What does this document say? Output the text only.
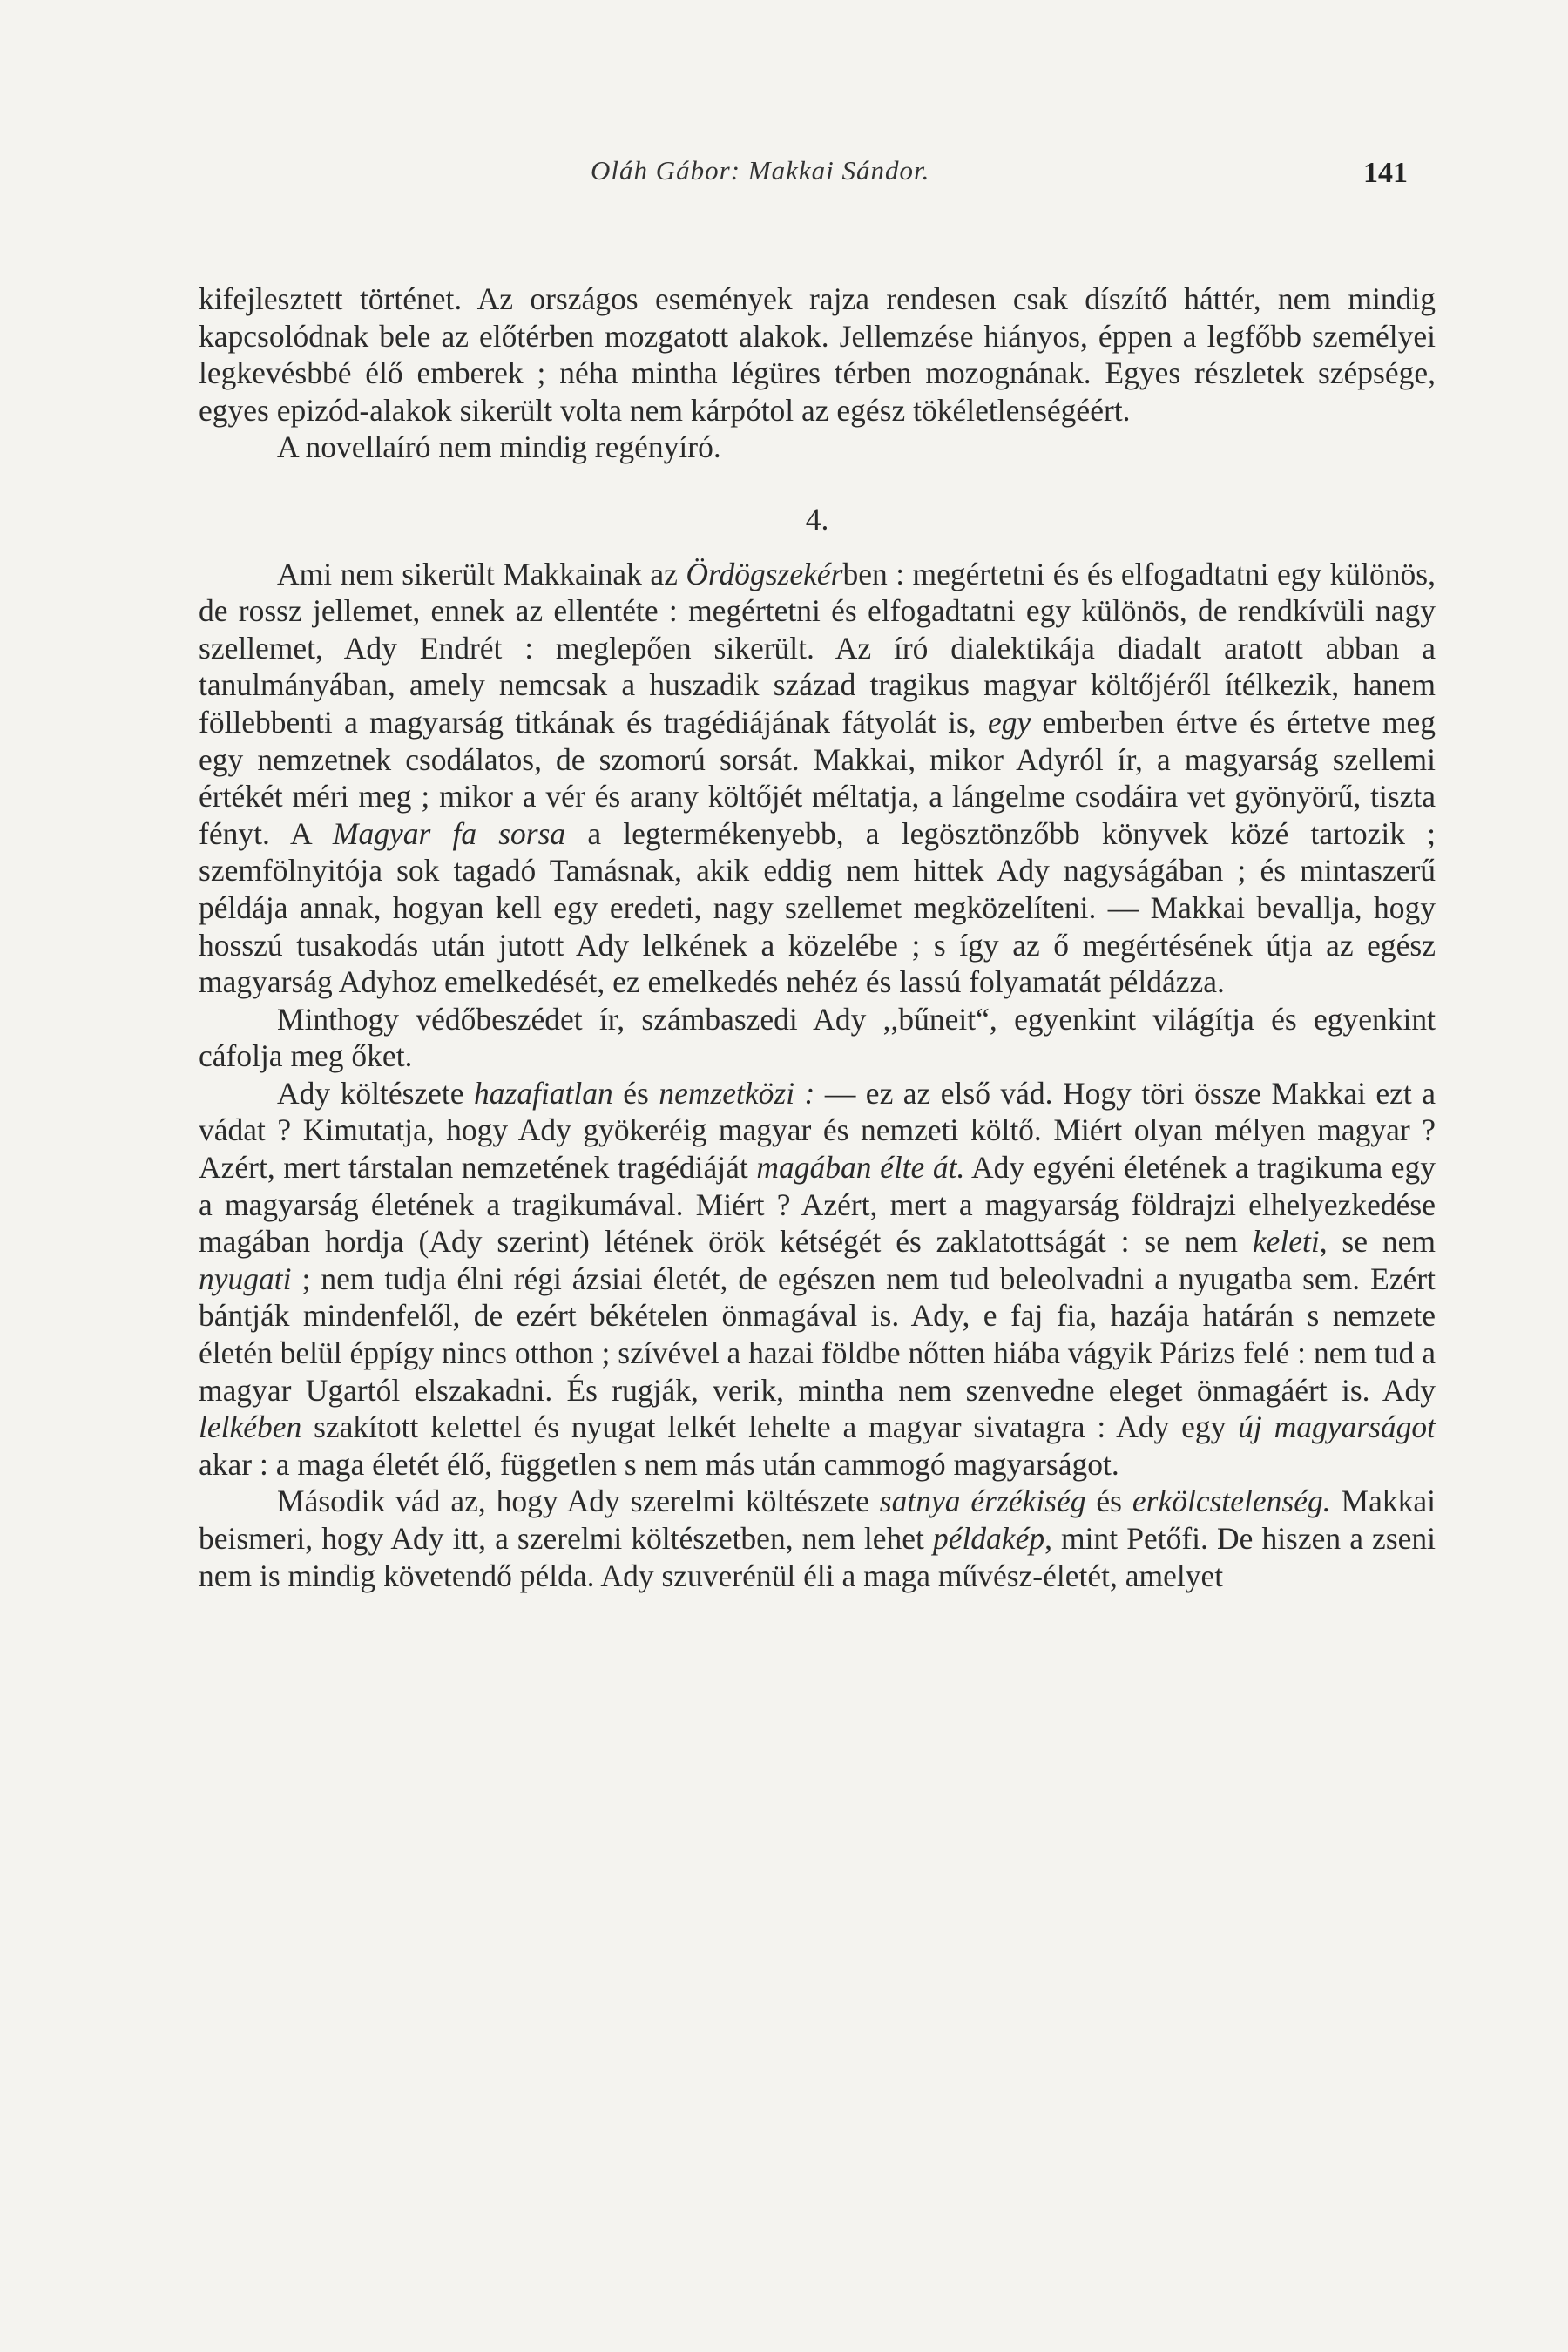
Oláh Gábor: Makkai Sándor.	141

kifejlesztett történet. Az országos események rajza rendesen csak díszítő háttér, nem mindig kapcsolódnak bele az előtérben mozgatott alakok. Jellemzése hiányos, éppen a legfőbb személyei legkevésbbé élő emberek ; néha mintha légüres térben mozognának. Egyes részletek szépsége, egyes epizód-alakok sikerült volta nem kárpótol az egész tökéletlenségéért.

A novellaíró nem mindig regényíró.

4.

Ami nem sikerült Makkainak az Ördögszekérben : megértetni és és elfogadtatni egy különös, de rossz jellemet, ennek az ellentéte : megértetni és elfogadtatni egy különös, de rendkívüli nagy szellemet, Ady Endrét : meglepően sikerült. Az író dialektikája diadalt aratott abban a tanulmányában, amely nemcsak a huszadik század tragikus magyar költőjéről ítélkezik, hanem föllebbenti a magyarság titkának és tragédiájának fátyolát is, egy emberben értve és értetve meg egy nemzetnek csodálatos, de szomorú sorsát. Makkai, mikor Adyról ír, a magyarság szellemi értékét méri meg ; mikor a vér és arany költőjét méltatja, a lángelme csodáira vet gyönyörű, tiszta fényt. A Magyar fa sorsa a legtermékenyebb, a legösztönzőbb könyvek közé tartozik ; szemfölnyitója sok tagadó Tamásnak, akik eddig nem hittek Ady nagyságában ; és mintaszerű példája annak, hogyan kell egy eredeti, nagy szellemet megközelíteni. — Makkai bevallja, hogy hosszú tusakodás után jutott Ady lelkének a közelébe ; s így az ő megértésének útja az egész magyarság Adyhoz emelkedését, ez emelkedés nehéz és lassú folyamatát példázza.

Minthogy védőbeszédet ír, számbaszedi Ady ,,bűneit“, egyenkint világítja és egyenkint cáfolja meg őket.

Ady költészete hazafiatlan és nemzetközi : — ez az első vád. Hogy töri össze Makkai ezt a vádat ? Kimutatja, hogy Ady gyökeréig magyar és nemzeti költő. Miért olyan mélyen magyar ? Azért, mert társtalan nemzetének tragédiáját magában élte át. Ady egyéni életének a tragikuma egy a magyarság életének a tragikumával. Miért ? Azért, mert a magyarság földrajzi elhelyezkedése magában hordja (Ady szerint) létének örök kétségét és zaklatottságát : se nem keleti, se nem nyugati ; nem tudja élni régi ázsiai életét, de egészen nem tud beleolvadni a nyugatba sem. Ezért bántják mindenfelől, de ezért békételen önmagával is. Ady, e faj fia, hazája határán s nemzete életén belül éppígy nincs otthon ; szívével a hazai földbe nőtten hiába vágyik Párizs felé : nem tud a magyar Ugartól elszakadni. És rugják, verik, mintha nem szenvedne eleget önmagáért is. Ady lelkében szakított kelettel és nyugat lelkét lehelte a magyar sivatagra : Ady egy új magyarságot akar : a maga életét élő, független s nem más után cammogó magyarságot.

Második vád az, hogy Ady szerelmi költészete satnya érzékiség és erkölcstelenség. Makkai beismeri, hogy Ady itt, a szerelmi költészetben, nem lehet példakép, mint Petőfi. De hiszen a zseni nem is mindig követendő példa. Ady szuverénül éli a maga művész-életét, amelyet
